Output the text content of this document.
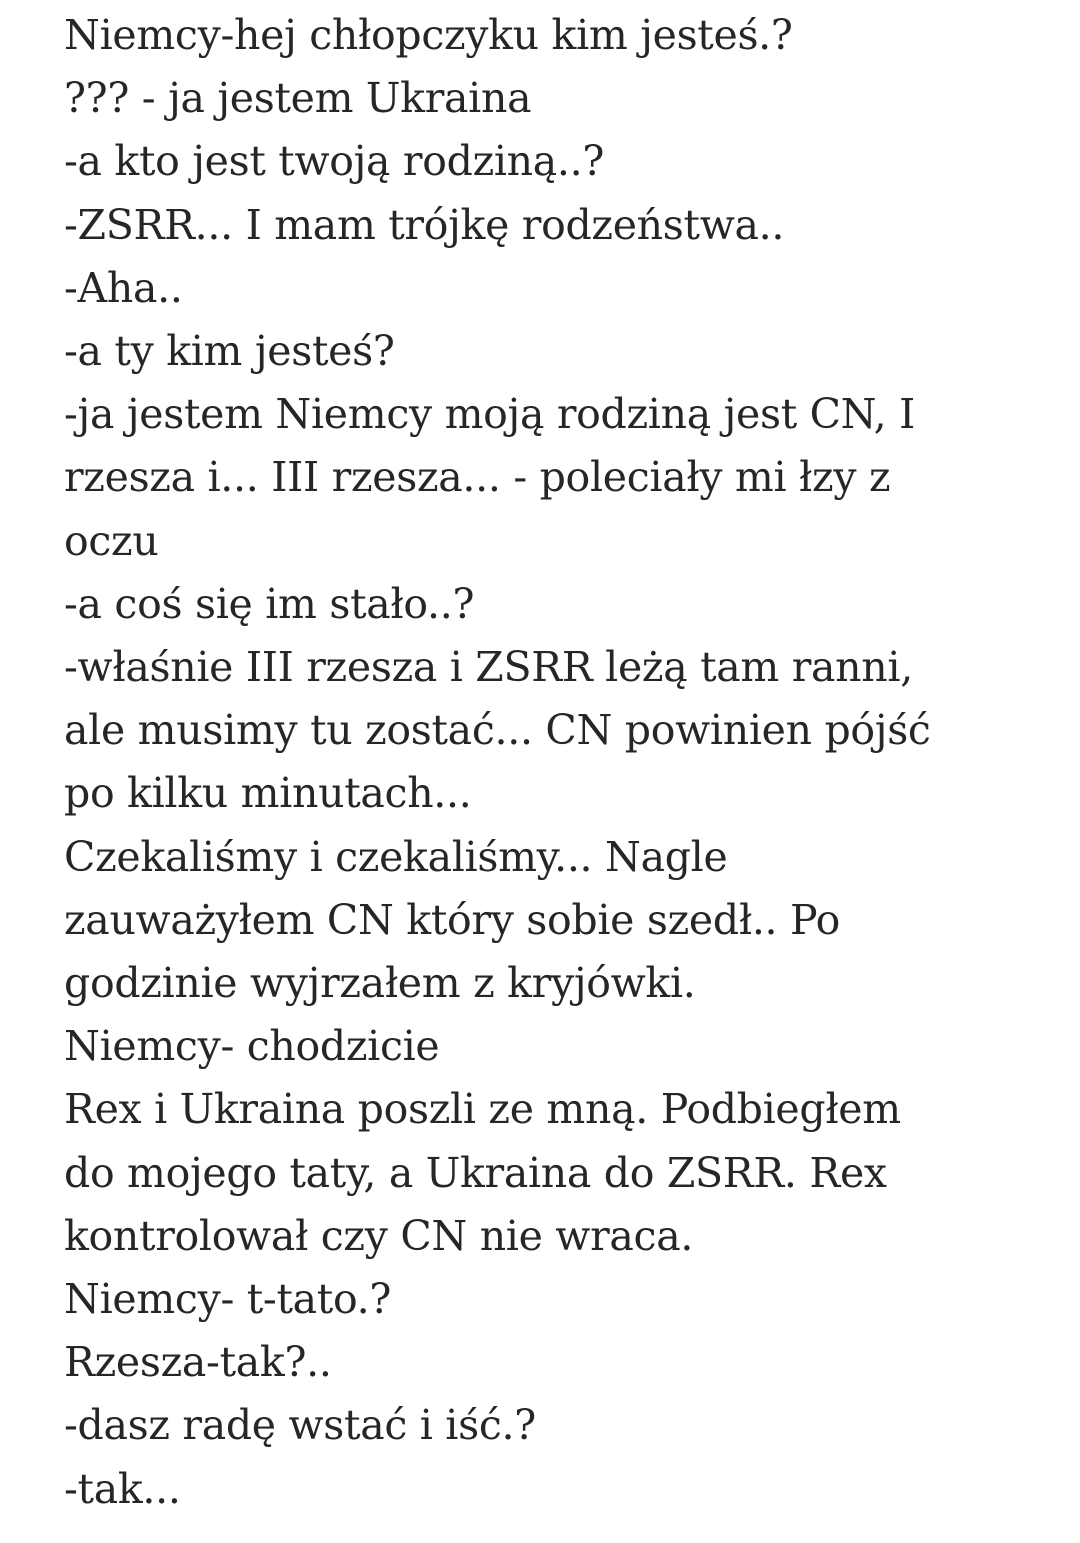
Niemcy-hej chłopczyku kim jesteś.?

??? - ja jestem Ukraina

-a kto jest twoją rodziną..?

-ZSRR... I mam trójkę rodzeństwa..

-Aha..

-a ty kim jesteś?

-ja jestem Niemcy moją rodziną jest CN, I

rzesza i... III rzesza... - poleciały mi łzy z

oczu

-a coś się im stało..?

-właśnie III rzesza i ZSRR leżą tam ranni,

ale musimy tu zostać... CN powinien pójść

po kilku minutach...

Czekaliśmy i czekaliśmy... Nagle

zauważyłem CN który sobie szedł.. Po

godzinie wyjrzałem z kryjówki.

Niemcy- chodzicie

Rex i Ukraina poszli ze mną. Podbiegłem

do mojego taty, a Ukraina do ZSRR. Rex

kontrolował czy CN nie wraca.

Niemcy- t-tato.?

Rzesza-tak?..

-dasz radę wstać i iść.?

-tak...
